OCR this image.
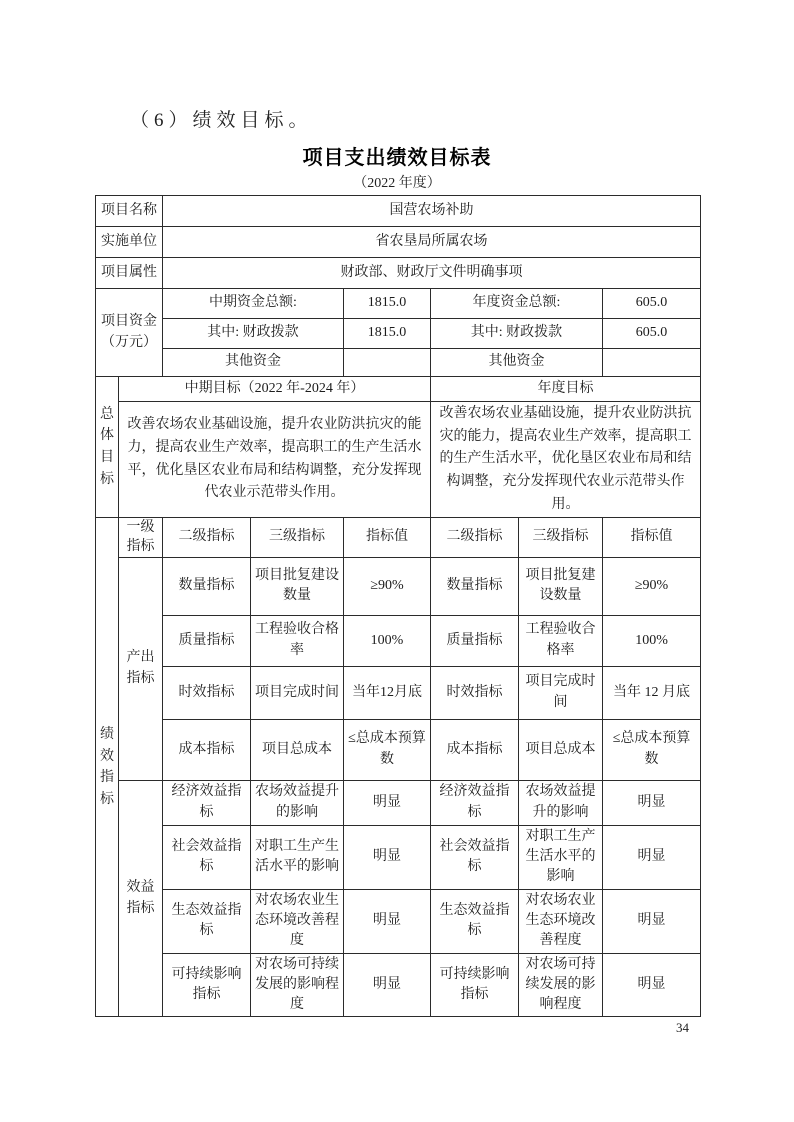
（6）绩效目标。
项目支出绩效目标表
（2022 年度）
项目名称		国营农场补助					
实施单位		省农垦局所属农场					
项目属性		财政部、财政厅文件明确事项					
项目资金（万元）		中期资金总额:		1815.0	年度资金总额:		605.0
		其中: 财政拨款		1815.0	其中: 财政拨款		605.0
		其他资金			其他资金		
总体目标	中期目标（2022 年-2024 年）				年度目标		
	改善农场农业基础设施，提升农业防洪抗灾的能力，提高农业生产效率，提高职工的生产生活水平，优化垦区农业布局和结构调整，充分发挥现代农业示范带头作用。				改善农场农业基础设施，提升农业防洪抗灾的能力，提高农业生产效率，提高职工的生产生活水平，优化垦区农业布局和结构调整，充分发挥现代农业示范带头作用。		
绩效指标	一级指标	二级指标	三级指标	指标值	二级指标	三级指标	指标值
	产出指标	数量指标	项目批复建设数量	≥90%	数量指标	项目批复建设数量	≥90%
		质量指标	工程验收合格率	100%	质量指标	工程验收合格率	100%
		时效指标	项目完成时间	当年12月底	时效指标	项目完成时间	当年 12 月底
		成本指标	项目总成本	≤总成本预算数	成本指标	项目总成本	≤总成本预算数
	效益指标	经济效益指标	农场效益提升的影响	明显	经济效益指标	农场效益提升的影响	明显
		社会效益指标	对职工生产生活水平的影响	明显	社会效益指标	对职工生产生活水平的影响	明显
		生态效益指标	对农场农业生态环境改善程度	明显	生态效益指标	对农场农业生态环境改善程度	明显
		可持续影响指标	对农场可持续发展的影响程度	明显	可持续影响指标	对农场可持续发展的影响程度	明显
34
